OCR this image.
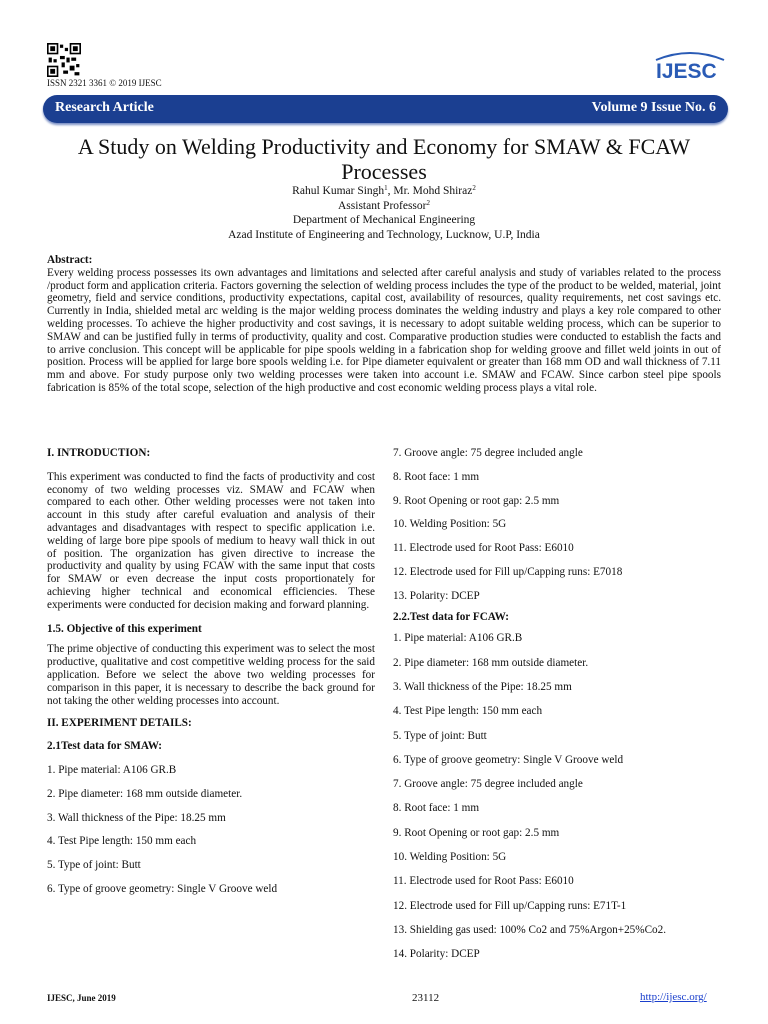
ISSN 2321 3361 © 2019 IJESC	IJESC
Research Article	Volume 9 Issue No. 6
A Study on Welding Productivity and Economy for SMAW & FCAW Processes
Rahul Kumar Singh$^1$, Mr. Mohd Shiraz$^2$
Assistant Professor$^2$
Department of Mechanical Engineering
Azad Institute of Engineering and Technology, Lucknow, U.P, India
Abstract:
Every welding process possesses its own advantages and limitations and selected after careful analysis and study of variables related to the process /product form and application criteria. Factors governing the selection of welding process includes the type of the product to be welded, material, joint geometry, field and service conditions, productivity expectations, capital cost, availability of resources, quality requirements, net cost savings etc. Currently in India, shielded metal arc welding is the major welding process dominates the welding industry and plays a key role compared to other welding processes. To achieve the higher productivity and cost savings, it is necessary to adopt suitable welding process, which can be superior to SMAW and can be justified fully in terms of productivity, quality and cost. Comparative production studies were conducted to establish the facts and to arrive conclusion. This concept will be applicable for pipe spools welding in a fabrication shop for welding groove and fillet weld joints in out of position. Process will be applied for large bore spools welding i.e. for Pipe diameter equivalent or greater than 168 mm OD and wall thickness of 7.11 mm and above. For study purpose only two welding processes were taken into account i.e. SMAW and FCAW. Since carbon steel pipe spools fabrication is 85% of the total scope, selection of the high productive and cost economic welding process plays a vital role.
I. INTRODUCTION:

This experiment was conducted to find the facts of productivity and cost economy of two welding processes viz. SMAW and FCAW when compared to each other. Other welding processes were not taken into account in this study after careful evaluation and analysis of their advantages and disadvantages with respect to specific application i.e. welding of large bore pipe spools of medium to heavy wall thick in out of position. The organization has given directive to increase the productivity and quality by using FCAW with the same input that costs for SMAW or even decrease the input costs proportionately for achieving higher technical and economical efficiencies. These experiments were conducted for decision making and forward planning.

1.5. Objective of this experiment

The prime objective of conducting this experiment was to select the most productive, qualitative and cost competitive welding process for the said application. Before we select the above two welding processes for comparison in this paper, it is necessary to describe the back ground for not taking the other welding processes into account.

II. EXPERIMENT DETAILS:
2.1Test data for SMAW:
1. Pipe material: A106 GR.B
2. Pipe diameter: 168 mm outside diameter.
3. Wall thickness of the Pipe: 18.25 mm
4. Test Pipe length: 150 mm each
5. Type of joint: Butt
6. Type of groove geometry: Single V Groove weld
7. Groove angle: 75 degree included angle
8. Root face: 1 mm
9. Root Opening or root gap: 2.5 mm
10. Welding Position: 5G
11. Electrode used for Root Pass: E6010
12. Electrode used for Fill up/Capping runs: E7018
13. Polarity: DCEP
2.2.Test data for FCAW:
1. Pipe material: A106 GR.B
2. Pipe diameter: 168 mm outside diameter.
3. Wall thickness of the Pipe: 18.25 mm
4. Test Pipe length: 150 mm each
5. Type of joint: Butt
6. Type of groove geometry: Single V Groove weld
7. Groove angle: 75 degree included angle
8. Root face: 1 mm
9. Root Opening or root gap: 2.5 mm
10. Welding Position: 5G
11. Electrode used for Root Pass: E6010
12. Electrode used for Fill up/Capping runs: E71T-1
13. Shielding gas used: 100% Co2 and 75%Argon+25%Co2.
14. Polarity: DCEP
IJESC, June 2019	23112	http://ijesc.org/
